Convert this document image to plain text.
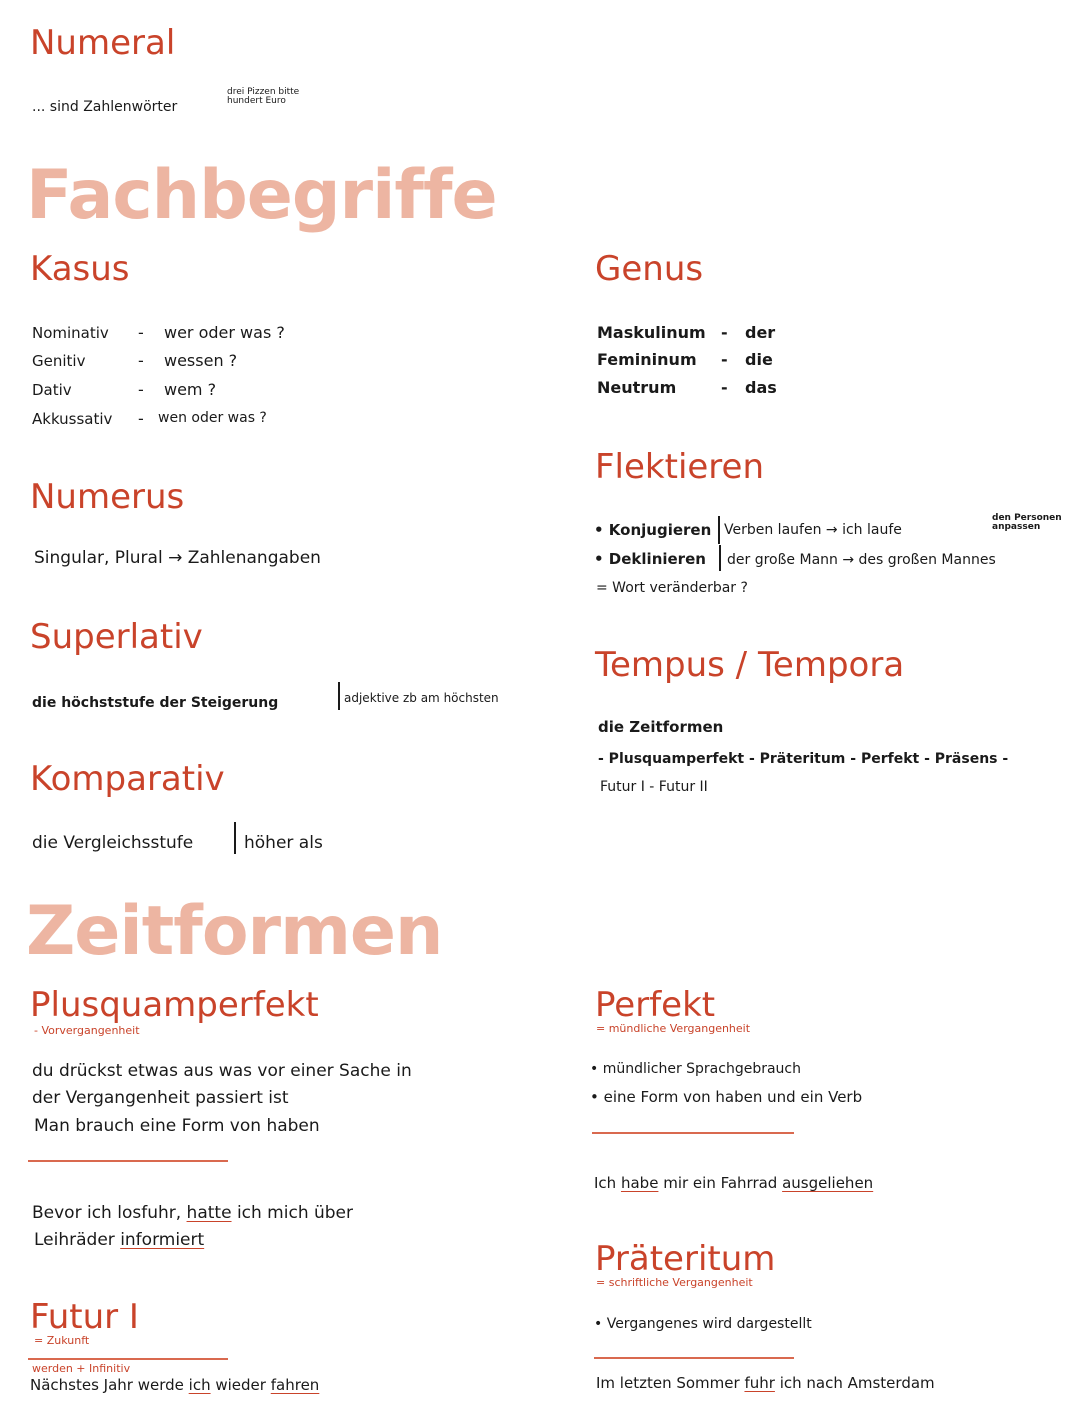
Numeral
... sind Zahlenwörter
drei Pizzen bitte
hundert Euro
Fachbegriffe
Kasus
Nominativ - wer oder was ?
Genitiv	- wessen ?
Dativ	- wem ?
Akkussativ - wen oder was ?
Genus
Maskulinum - der
Femininum - die
Neutrum	- das
Flektieren
• Konjugieren Verben laufen → ich laufe
den Personen
anpassen
• Deklinieren der große Mann → des großen Mannes
= Wort veränderbar ?
Numerus
Singular, Plural → Zahlenangaben
Superlativ
die höchststufe der Steigerung	adjektive zb am höchsten
Tempus / Tempora
die Zeitformen
- Plusquamperfekt - Präteritum - Perfekt - Präsens -
Futur I - Futur II
Komparativ
die Vergleichsstufe	höher als
Zeitformen
Plusquamperfekt
- Vorvergangenheit
du drückst etwas aus was vor einer Sache in
der Vergangenheit passiert ist
Man brauch eine Form von haben
Bevor ich losfuhr, hatte ich mich über
Leihräder informiert
Perfekt
= mündliche Vergangenheit
• mündlicher Sprachgebrauch
• eine Form von haben und ein Verb
Ich habe mir ein Fahrrad ausgeliehen
Präteritum
= schriftliche Vergangenheit
• Vergangenes wird dargestellt
Im letzten Sommer fuhr ich nach Amsterdam
Futur I
= Zukunft
werden + Infinitiv
Nächstes Jahr werde ich wieder fahren
